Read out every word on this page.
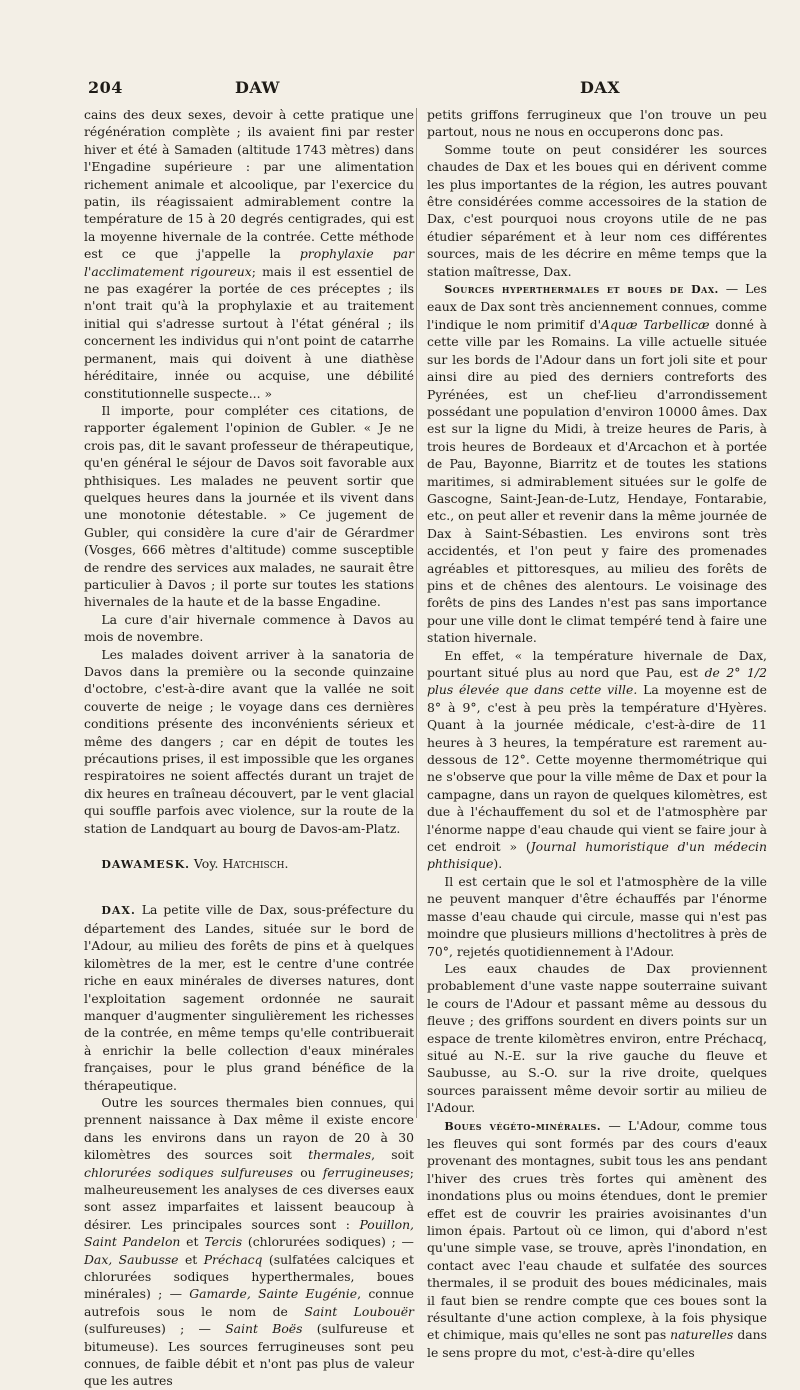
204	DAW	DAX

cains des deux sexes, devoir à cette pratique une régénération complète ; ils avaient fini par rester hiver et été à Samaden (altitude 1743 mètres) dans l'Engadine supérieure : par une alimentation richement animale et alcoolique, par l'exercice du patin, ils réagissaient admirablement contre la température de 15 à 20 degrés centigrades, qui est la moyenne hivernale de la contrée. Cette méthode est ce que j'appelle la prophylaxie par l'acclimatement rigoureux; mais il est essentiel de ne pas exagérer la portée de ces préceptes ; ils n'ont trait qu'à la prophylaxie et au traitement initial qui s'adresse surtout à l'état général ; ils concernent les individus qui n'ont point de catarrhe permanent, mais qui doivent à une diathèse héréditaire, innée ou acquise, une débilité constitutionnelle suspecte... »

Il importe, pour compléter ces citations, de rapporter également l'opinion de Gubler. « Je ne crois pas, dit le savant professeur de thérapeutique, qu'en général le séjour de Davos soit favorable aux phthisiques. Les malades ne peuvent sortir que quelques heures dans la journée et ils vivent dans une monotonie détestable. » Ce jugement de Gubler, qui considère la cure d'air de Gérardmer (Vosges, 666 mètres d'altitude) comme susceptible de rendre des services aux malades, ne saurait être particulier à Davos ; il porte sur toutes les stations hivernales de la haute et de la basse Engadine.

La cure d'air hivernale commence à Davos au mois de novembre.

Les malades doivent arriver à la sanatoria de Davos dans la première ou la seconde quinzaine d'octobre, c'est-à-dire avant que la vallée ne soit couverte de neige ; le voyage dans ces dernières conditions présente des inconvénients sérieux et même des dangers ; car en dépit de toutes les précautions prises, il est impossible que les organes respiratoires ne soient affectés durant un trajet de dix heures en traîneau découvert, par le vent glacial qui souffle parfois avec violence, sur la route de la station de Landquart au bourg de Davos-am-Platz.

DAWAMESK. Voy. Hatchisch.

DAX. La petite ville de Dax, sous-préfecture du département des Landes, située sur le bord de l'Adour, au milieu des forêts de pins et à quelques kilomètres de la mer, est le centre d'une contrée riche en eaux minérales de diverses natures, dont l'exploitation sagement ordonnée ne saurait manquer d'augmenter singulièrement les richesses de la contrée, en même temps qu'elle contribuerait à enrichir la belle collection d'eaux minérales françaises, pour le plus grand bénéfice de la thérapeutique.

Outre les sources thermales bien connues, qui prennent naissance à Dax même il existe encore dans les environs dans un rayon de 20 à 30 kilomètres des sources soit thermales, soit chlorurées sodiques sulfureuses ou ferrugineuses; malheureusement les analyses de ces diverses eaux sont assez imparfaites et laissent beaucoup à désirer. Les principales sources sont : Pouillon, Saint Pandelon et Tercis (chlorurées sodiques) ; — Dax, Saubusse et Préchacq (sulfatées calciques et chlorurées sodiques hyperthermales, boues minérales) ; — Gamarde, Sainte Eugénie, connue autrefois sous le nom de Saint Loubouër (sulfureuses) ; — Saint Boës (sulfureuse et bitumeuse). Les sources ferrugineuses sont peu connues, de faible débit et n'ont pas plus de valeur que les autres

petits griffons ferrugineux que l'on trouve un peu partout, nous ne nous en occuperons donc pas.

Somme toute on peut considérer les sources chaudes de Dax et les boues qui en dérivent comme les plus importantes de la région, les autres pouvant être considérées comme accessoires de la station de Dax, c'est pourquoi nous croyons utile de ne pas étudier séparément et à leur nom ces différentes sources, mais de les décrire en même temps que la station maîtresse, Dax.

Sources hyperthermales et boues de Dax. — Les eaux de Dax sont très anciennement connues, comme l'indique le nom primitif d'Aquæ Tarbellicæ donné à cette ville par les Romains. La ville actuelle située sur les bords de l'Adour dans un fort joli site et pour ainsi dire au pied des derniers contreforts des Pyrénées, est un chef-lieu d'arrondissement possédant une population d'environ 10000 âmes. Dax est sur la ligne du Midi, à treize heures de Paris, à trois heures de Bordeaux et d'Arcachon et à portée de Pau, Bayonne, Biarritz et de toutes les stations maritimes, si admirablement situées sur le golfe de Gascogne, Saint-Jean-de-Lutz, Hendaye, Fontarabie, etc., on peut aller et revenir dans la même journée de Dax à Saint-Sébastien. Les environs sont très accidentés, et l'on peut y faire des promenades agréables et pittoresques, au milieu des forêts de pins et de chênes des alentours. Le voisinage des forêts de pins des Landes n'est pas sans importance pour une ville dont le climat tempéré tend à faire une station hivernale.

En effet, « la température hivernale de Dax, pourtant situé plus au nord que Pau, est de 2° 1/2 plus élevée que dans cette ville. La moyenne est de 8° à 9°, c'est à peu près la température d'Hyères. Quant à la journée médicale, c'est-à-dire de 11 heures à 3 heures, la température est rarement au-dessous de 12°. Cette moyenne thermométrique qui ne s'observe que pour la ville même de Dax et pour la campagne, dans un rayon de quelques kilomètres, est due à l'échauffement du sol et de l'atmosphère par l'énorme nappe d'eau chaude qui vient se faire jour à cet endroit » (Journal humoristique d'un médecin phthisique).

Il est certain que le sol et l'atmosphère de la ville ne peuvent manquer d'être échauffés par l'énorme masse d'eau chaude qui circule, masse qui n'est pas moindre que plusieurs millions d'hectolitres à près de 70°, rejetés quotidiennement à l'Adour.

Les eaux chaudes de Dax proviennent probablement d'une vaste nappe souterraine suivant le cours de l'Adour et passant même au dessous du fleuve ; des griffons sourdent en divers points sur un espace de trente kilomètres environ, entre Préchacq, situé au N.-E. sur la rive gauche du fleuve et Saubusse, au S.-O. sur la rive droite, quelques sources paraissent même devoir sortir au milieu de l'Adour.

Boues végéto-minérales. — L'Adour, comme tous les fleuves qui sont formés par des cours d'eaux provenant des montagnes, subit tous les ans pendant l'hiver des crues très fortes qui amènent des inondations plus ou moins étendues, dont le premier effet est de couvrir les prairies avoisinantes d'un limon épais. Partout où ce limon, qui d'abord n'est qu'une simple vase, se trouve, après l'inondation, en contact avec l'eau chaude et sulfatée des sources thermales, il se produit des boues médicinales, mais il faut bien se rendre compte que ces boues sont la résultante d'une action complexe, à la fois physique et chimique, mais qu'elles ne sont pas naturelles dans le sens propre du mot, c'est-à-dire qu'elles
